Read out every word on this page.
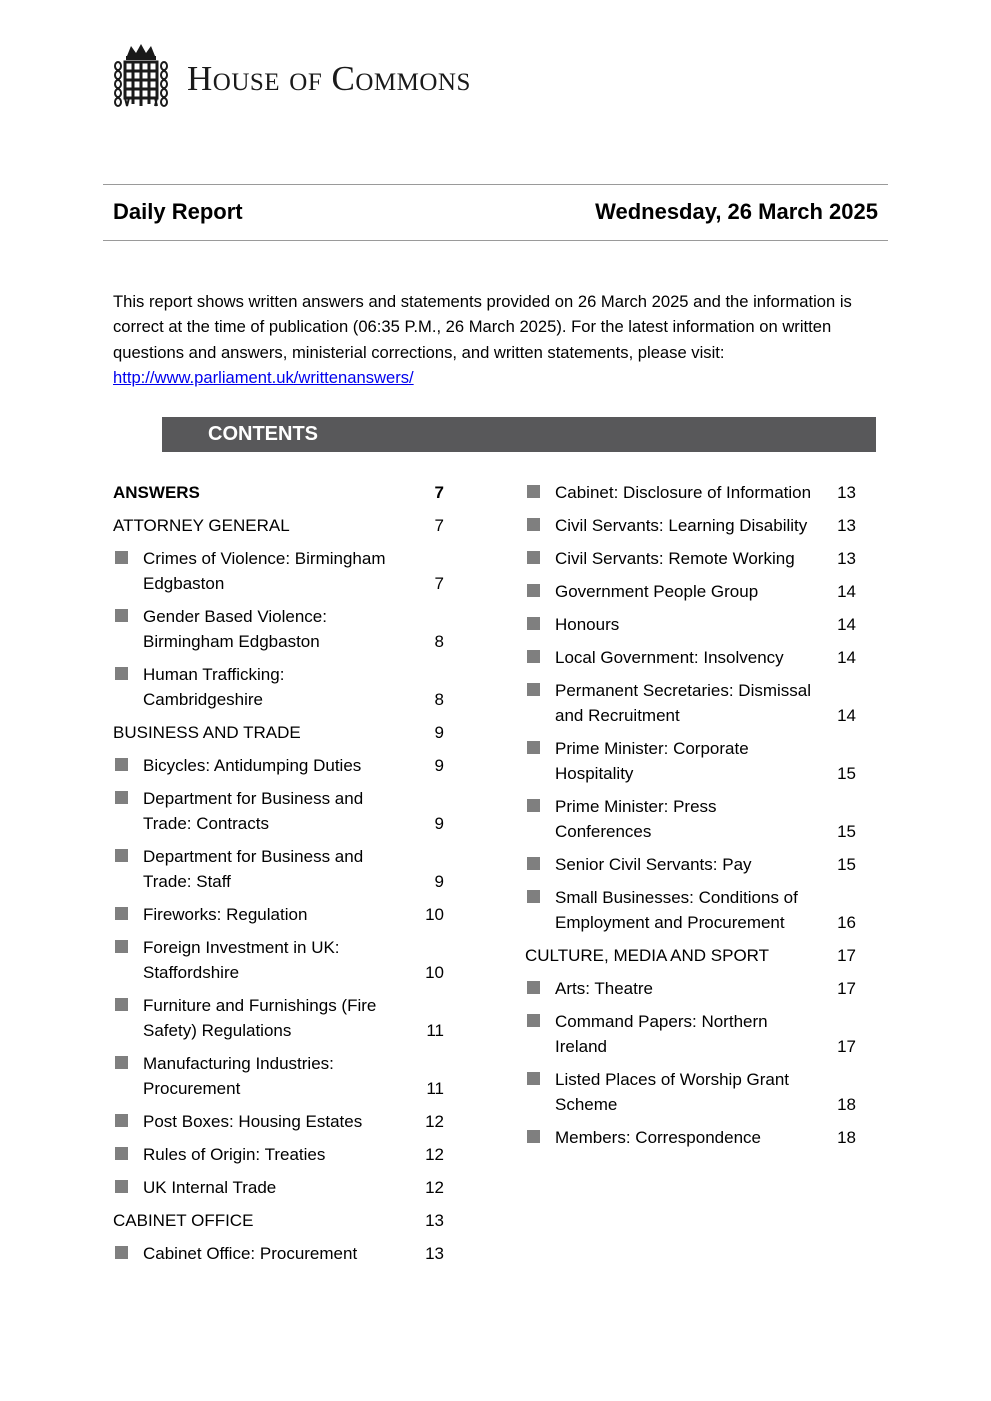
House of Commons
Daily Report	Wednesday, 26 March 2025
This report shows written answers and statements provided on 26 March 2025 and the information is correct at the time of publication (06:35 P.M., 26 March 2025). For the latest information on written questions and answers, ministerial corrections, and written statements, please visit: http://www.parliament.uk/writtenanswers/
CONTENTS
ANSWERS	7
ATTORNEY GENERAL	7
Crimes of Violence: Birmingham Edgbaston	7
Gender Based Violence: Birmingham Edgbaston	8
Human Trafficking: Cambridgeshire	8
BUSINESS AND TRADE	9
Bicycles: Antidumping Duties	9
Department for Business and Trade: Contracts	9
Department for Business and Trade: Staff	9
Fireworks: Regulation	10
Foreign Investment in UK: Staffordshire	10
Furniture and Furnishings (Fire Safety) Regulations	11
Manufacturing Industries: Procurement	11
Post Boxes: Housing Estates	12
Rules of Origin: Treaties	12
UK Internal Trade	12
CABINET OFFICE	13
Cabinet Office: Procurement	13
Cabinet: Disclosure of Information	13
Civil Servants: Learning Disability	13
Civil Servants: Remote Working	13
Government People Group	14
Honours	14
Local Government: Insolvency	14
Permanent Secretaries: Dismissal and Recruitment	14
Prime Minister: Corporate Hospitality	15
Prime Minister: Press Conferences	15
Senior Civil Servants: Pay	15
Small Businesses: Conditions of Employment and Procurement	16
CULTURE, MEDIA AND SPORT	17
Arts: Theatre	17
Command Papers: Northern Ireland	17
Listed Places of Worship Grant Scheme	18
Members: Correspondence	18
